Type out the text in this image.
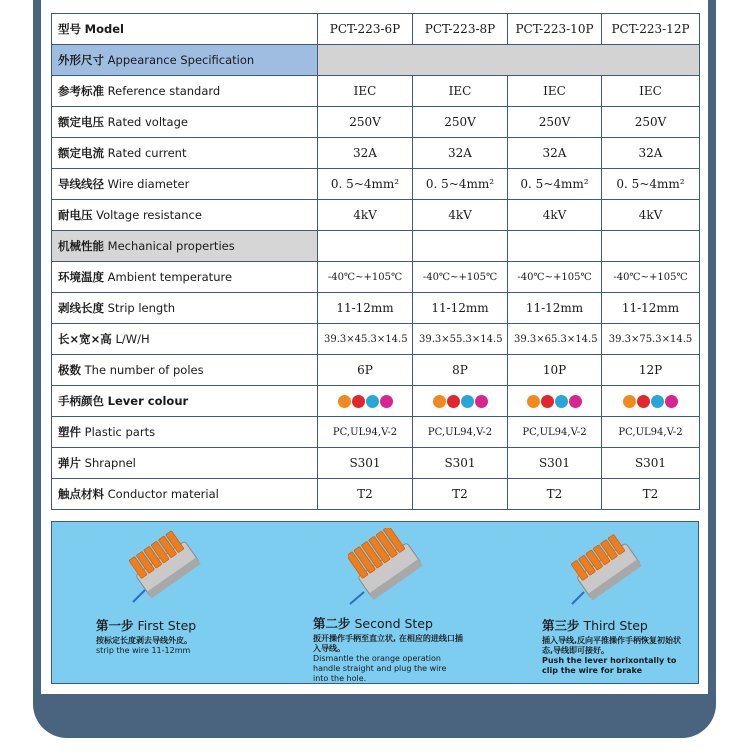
型号 Model	PCT-223-6P	PCT-223-8P	PCT-223-10P	PCT-223-12P
外形尺寸 Appearance Specification				
参考标准 Reference standard	IEC	IEC	IEC	IEC
额定电压 Rated voltage	250V	250V	250V	250V
额定电流 Rated current	32A	32A	32A	32A
导线线径 Wire diameter	0. 5~4mm²	0. 5~4mm²	0. 5~4mm²	0. 5~4mm²
耐电压 Voltage resistance	4kV	4kV	4kV	4kV
机械性能 Mechanical properties				
环境温度 Ambient temperature	-40℃~+105℃	-40℃~+105℃	-40℃~+105℃	-40℃~+105℃
剥线长度 Strip length	11-12mm	11-12mm	11-12mm	11-12mm
长×宽×高 L/W/H	39.3×45.3×14.5	39.3×55.3×14.5	39.3×65.3×14.5	39.3×75.3×14.5
极数 The number of poles	6P	8P	10P	12P
手柄颜色 Lever colour	

塑件 Plastic parts	PC,UL94,V-2	PC,UL94,V-2	PC,UL94,V-2	PC,UL94,V-2
弹片 Shrapnel	S301	S301	S301	S301
触点材料 Conductor material	T2	T2	T2	T2
第一步 First Step
按标定长度剥去导线外皮。
strip the wire 11-12mm
第二步 Second Step
扳开操作手柄至直立状, 在相应的进线口插入导线。
Dismantle the orange operation handle straight and plug the wire into the hole.
第三步 Third Step
插入导线,反向平推操作手柄恢复初始状态,导线即可接好。
Push the lever horixontally to clip the wire for brake
